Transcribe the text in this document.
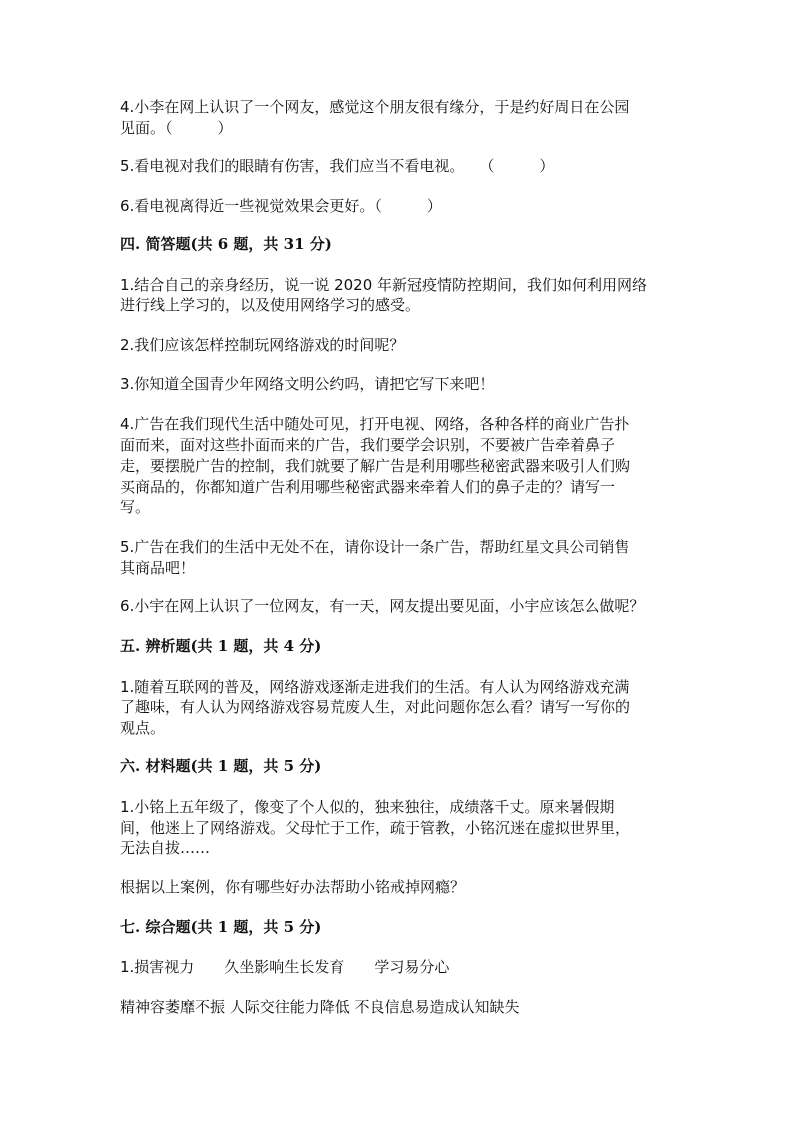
4.小李在网上认识了一个网友，感觉这个朋友很有缘分，于是约好周日在公园
见面。（　　　）
5.看电视对我们的眼睛有伤害，我们应当不看电视。　　（　　　）
6.看电视离得近一些视觉效果会更好。（　　　）
四. 简答题(共 6 题，共 31 分)
1.结合自己的亲身经历，说一说 2020 年新冠疫情防控期间，我们如何利用网络
进行线上学习的，以及使用网络学习的感受。
2.我们应该怎样控制玩网络游戏的时间呢？
3.你知道全国青少年网络文明公约吗，请把它写下来吧！
4.广告在我们现代生活中随处可见，打开电视、网络，各种各样的商业广告扑
面而来，面对这些扑面而来的广告，我们要学会识别，不要被广告牵着鼻子
走，要摆脱广告的控制，我们就要了解广告是利用哪些秘密武器来吸引人们购
买商品的，你都知道广告利用哪些秘密武器来牵着人们的鼻子走的？请写一
写。
5.广告在我们的生活中无处不在，请你设计一条广告，帮助红星文具公司销售
其商品吧！
6.小宇在网上认识了一位网友，有一天，网友提出要见面，小宇应该怎么做呢？
五. 辨析题(共 1 题，共 4 分)
1.随着互联网的普及，网络游戏逐渐走进我们的生活。有人认为网络游戏充满
了趣味，有人认为网络游戏容易荒废人生，对此问题你怎么看？请写一写你的
观点。
六. 材料题(共 1 题，共 5 分)
1.小铭上五年级了，像变了个人似的，独来独往，成绩落千丈。原来暑假期
间，他迷上了网络游戏。父母忙于工作，疏于管教，小铭沉迷在虚拟世界里，
无法自拔……
根据以上案例，你有哪些好办法帮助小铭戒掉网瘾？
七. 综合题(共 1 题，共 5 分)
1.损害视力　　久坐影响生长发育　　学习易分心
精神容萎靡不振 人际交往能力降低 不良信息易造成认知缺失
